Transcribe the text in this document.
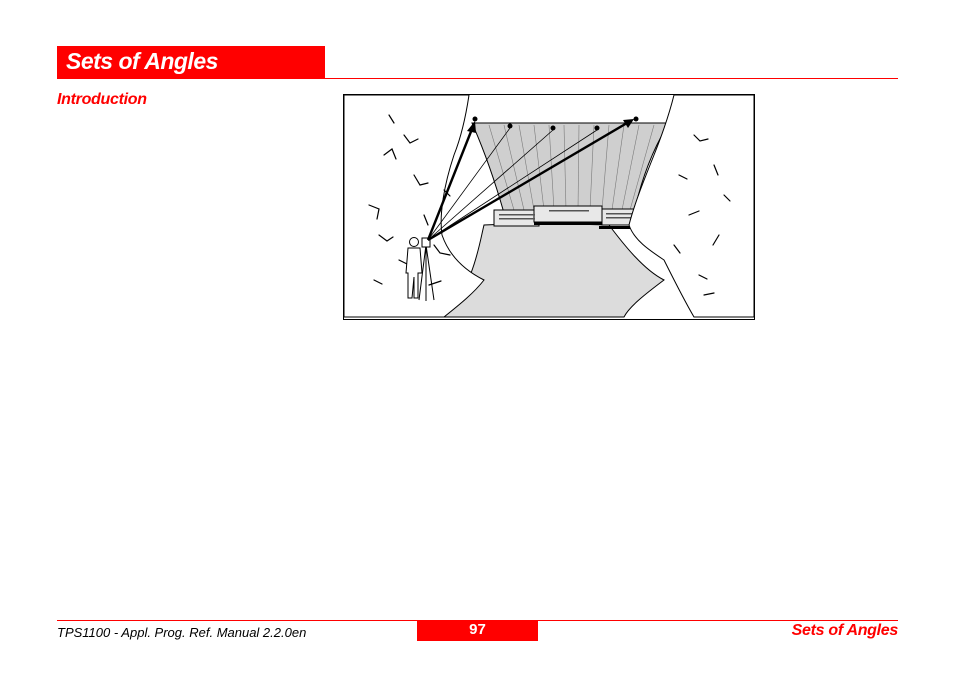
Sets of Angles
Introduction
97
TPS1100 - Appl. Prog. Ref. Manual 2.2.0en	Sets of Angles
